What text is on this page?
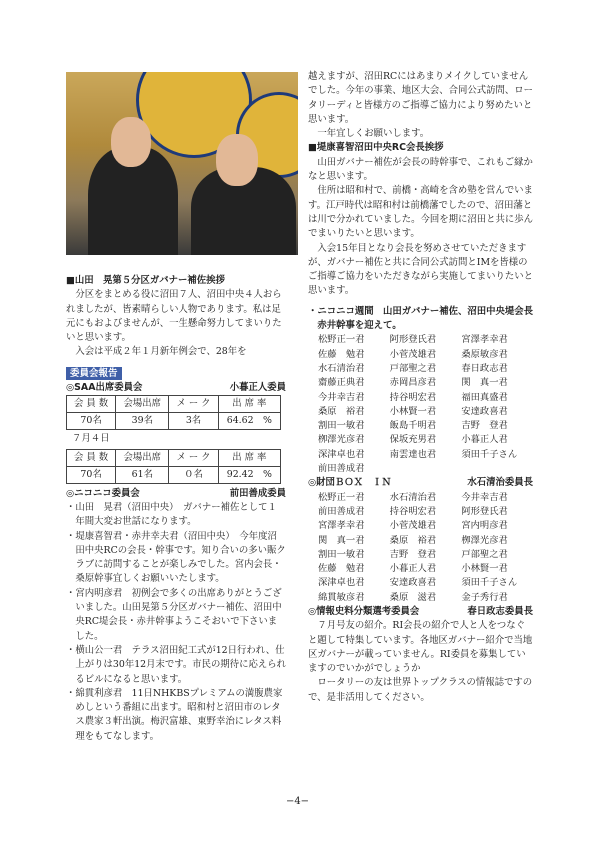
■山田　晃第５分区ガバナー補佐挨拶

分区をまとめる役に沼田７人、沼田中央４人おられましたが、皆素晴らしい人物であります。私は足元にもおよびませんが、一生懸命努力してまいりたいと思います。

入会は平成２年１月新年例会で、28年を

委員会報告
◎SAA出席委員会	小暮正人委員
会 員 数	会場出席	メ ー ク	出 席 率
70名	39名	3名	64.62　%

７月４日

会 員 数	会場出席	メ ー ク	出 席 率
70名	61名	０名	92.42　%
◎ニコニコ委員会	前田善成委員

・山田　晃君（沼田中央）　ガバナー補佐として１年間大変お世話になります。

・堤康喜智君・赤井幸夫君（沼田中央）　今年度沼田中央RCの会長・幹事です。知り合いの多い賑クラブに訪問することが楽しみでした。宮内会長・桑原幹事宜しくお願いいたします。

・宮内明彦君　初例会で多くの出席ありがとうございました。山田晃第５分区ガバナー補佐、沼田中央RC堤会長・赤井幹事ようこそおいで下さいました。

・横山公一君　テラス沼田紀工式が12日行われ、仕上がりは30年12月末です。市民の期待に応えられるビルになると思います。

・綿貫利彦君　11日NHKBSプレミアムの満腹農家めしという番組に出ます。昭和村と沼田市のレタス農家３軒出演。梅沢富雄、東野幸治にレタス料理をもてなします。

越えますが、沼田RCにはあまりメイクしていませんでした。今年の事業、地区大会、合同公式訪問、ロータリーディと皆様方のご指導ご協力により努めたいと思います。

一年宜しくお願いします。

■堤康喜智沼田中央RC会長挨拶

山田ガバナー補佐が会長の時幹事で、これもご縁かなと思います。

住所は昭和村で、前橋・高崎を含め塾を営んでいます。江戸時代は昭和村は前橋藩でしたので、沼田藩とは川で分かれていました。今回を期に沼田と共に歩んでまいりたいと思います。

入会15年目となり会長を努めさせていただきますが、ガバナー補佐と共に合同公式訪問とIMを皆様のご指導ご協力をいただきながら実施してまいりたいと思います。

・ニコニコ週間　山田ガバナー補佐、沼田中央堤会長赤井幹事を迎えて。

松野正一君	阿形登氏君	宮澤孝幸君
佐藤　勉君	小菅茂雄君	桑原敏彦君
水石清治君	戸部聖之君	春日政志君
齋藤正典君	赤岡昌彦君	関　真一君
今井幸吉君	持谷明宏君	福田真盛君
桑原　裕君	小林賢一君	安達政喜君
割田一敏君	飯島千明君	吉野　登君
栁澤光彦君	保坂充男君	小暮正人君
深津卓也君	南雲達也君	須田千子さん
前田善成君
◎財団ＢＯＸ　ＩＮ	水石清治委員長
松野正一君	水石清治君	今井幸吉君
前田善成君	持谷明宏君	阿形登氏君
宮澤孝幸君	小菅茂雄君	宮内明彦君
関　真一君	桑原　裕君	栁澤光彦君
割田一敏君	吉野　登君	戸部聖之君
佐藤　勉君	小暮正人君	小林賢一君
深津卓也君	安達政喜君	須田千子さん
綿貫敏彦君	桑原　滋君	金子秀行君
◎情報史料分類選考委員会	春日政志委員長

７月号友の紹介。RI会長の紹介で人と人をつなぐと題して特集しています。各地区ガバナー紹介で当地区ガバナーが載っていません。RI委員を募集していますのでいかがでしょうか

ロータリーの友は世界トップクラスの情報誌ですので、是非活用してください。

−4−
